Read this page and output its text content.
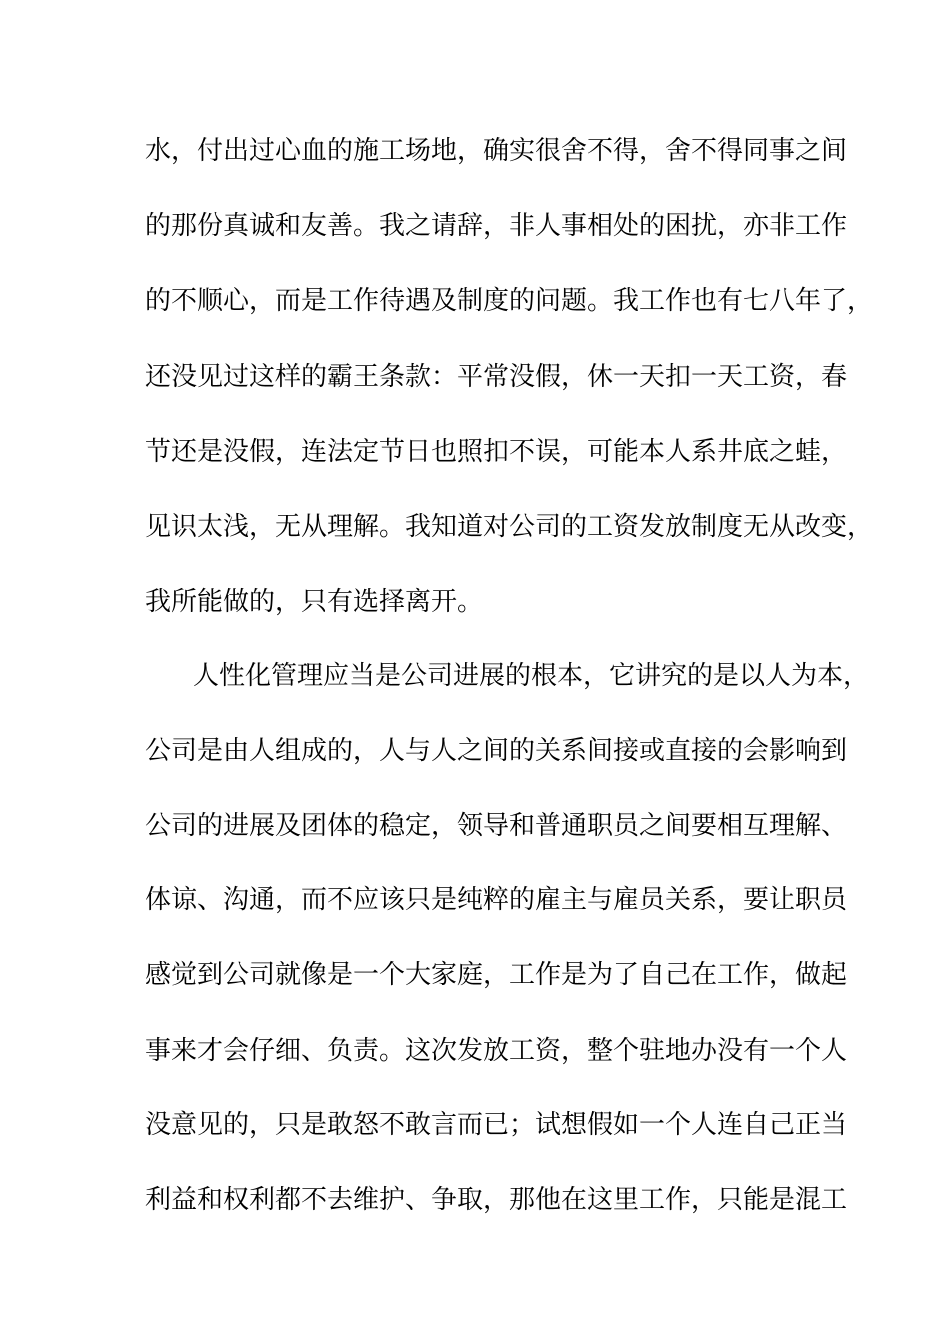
水，付出过心血的施工场地，确实很舍不得，舍不得同事之间
的那份真诚和友善。我之请辞，非人事相处的困扰，亦非工作
的不顺心，而是工作待遇及制度的问题。我工作也有七八年了，
还没见过这样的霸王条款：平常没假，休一天扣一天工资，春
节还是没假，连法定节日也照扣不误，可能本人系井底之蛙，
见识太浅，无从理解。我知道对公司的工资发放制度无从改变，
我所能做的，只有选择离开。
人性化管理应当是公司进展的根本，它讲究的是以人为本，
公司是由人组成的，人与人之间的关系间接或直接的会影响到
公司的进展及团体的稳定，领导和普通职员之间要相互理解、
体谅、沟通，而不应该只是纯粹的雇主与雇员关系，要让职员
感觉到公司就像是一个大家庭，工作是为了自己在工作，做起
事来才会仔细、负责。这次发放工资，整个驻地办没有一个人
没意见的，只是敢怒不敢言而已；试想假如一个人连自己正当
利益和权利都不去维护、争取，那他在这里工作，只能是混工
